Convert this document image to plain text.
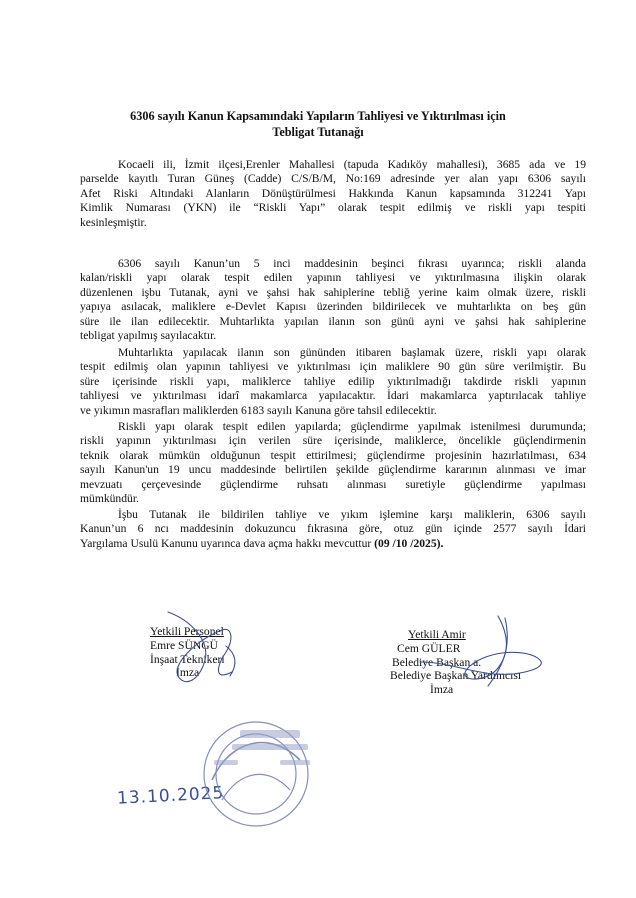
6306 sayılı Kanun Kapsamındaki Yapıların Tahliyesi ve Yıktırılması için
Tebligat Tutanağı
Kocaeli ili, İzmit ilçesi,Erenler Mahallesi (tapuda Kadıköy mahallesi), 3685 ada ve 19
parselde kayıtlı Turan Güneş (Cadde) C/S/B/M, No:169 adresinde yer alan yapı 6306 sayılı
Afet Riski Altındaki Alanların Dönüştürülmesi Hakkında Kanun kapsamında 312241 Yapı
Kimlik Numarası (YKN) ile “Riskli Yapı” olarak tespit edilmiş ve riskli yapı tespiti
kesinleşmiştir.
6306 sayılı Kanun’un 5 inci maddesinin beşinci fıkrası uyarınca; riskli alanda
kalan/riskli yapı olarak tespit edilen yapının tahliyesi ve yıktırılmasına ilişkin olarak
düzenlenen işbu Tutanak, ayni ve şahsi hak sahiplerine tebliğ yerine kaim olmak üzere, riskli
yapıya asılacak, maliklere e-Devlet Kapısı üzerinden bildirilecek ve muhtarlıkta on beş gün
süre ile ilan edilecektir. Muhtarlıkta yapılan ilanın son günü ayni ve şahsi hak sahiplerine
tebligat yapılmış sayılacaktır.
Muhtarlıkta yapılacak ilanın son gününden itibaren başlamak üzere, riskli yapı olarak
tespit edilmiş olan yapının tahliyesi ve yıktırılması için maliklere 90 gün süre verilmiştir. Bu
süre içerisinde riskli yapı, maliklerce tahliye edilip yıktırılmadığı takdirde riskli yapının
tahliyesi ve yıktırılması idarî makamlarca yapılacaktır. İdari makamlarca yaptırılacak tahliye
ve yıkımın masrafları maliklerden 6183 sayılı Kanuna göre tahsil edilecektir.
Riskli yapı olarak tespit edilen yapılarda; güçlendirme yapılmak istenilmesi durumunda;
riskli yapının yıktırılması için verilen süre içerisinde, maliklerce, öncelikle güçlendirmenin
teknik olarak mümkün olduğunun tespit ettirilmesi; güçlendirme projesinin hazırlatılması, 634
sayılı Kanun'un 19 uncu maddesinde belirtilen şekilde güçlendirme kararının alınması ve imar
mevzuatı çerçevesinde güçlendirme ruhsatı alınması suretiyle güçlendirme yapılması
mümkündür.
İşbu Tutanak ile bildirilen tahliye ve yıkım işlemine karşı maliklerin, 6306 sayılı
Kanun’un 6 ncı maddesinin dokuzuncu fıkrasına göre, otuz gün içinde 2577 sayılı İdari
Yargılama Usulü Kanunu uyarınca dava açma hakkı mevcuttur (09 /10 /2025).
Yetkili Personel
Emre SÜNGÜ
İnşaat Teknikeri
İmza
Yetkili Amir
Cem GÜLER
Belediye Başkan a.
Belediye Başkan Yardımcısı
İmza
13.10.2025
